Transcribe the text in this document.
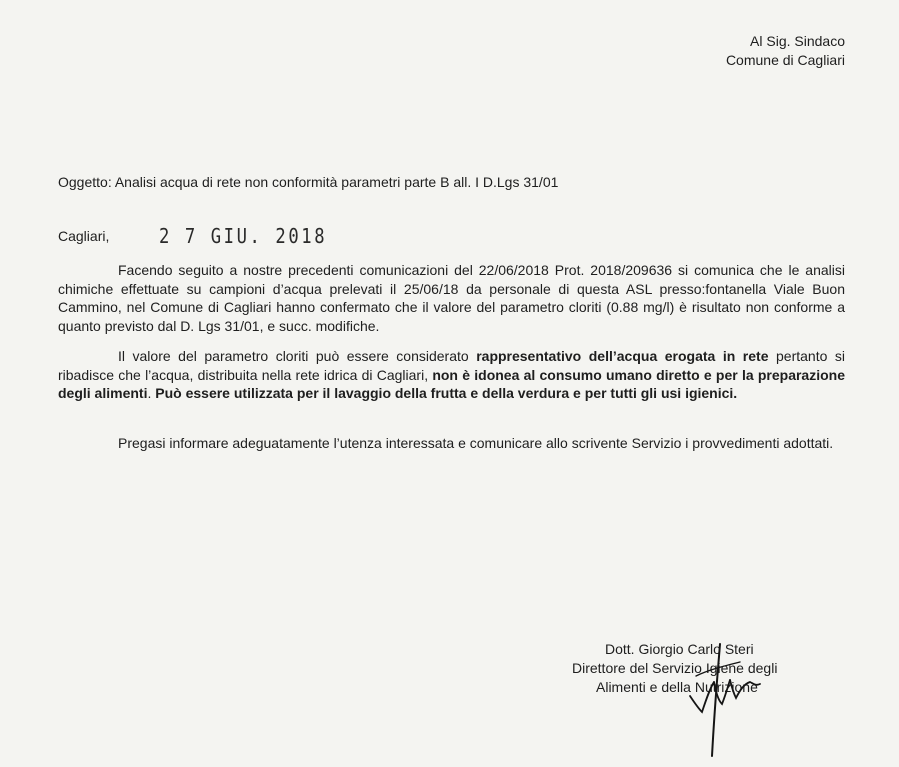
Al Sig. Sindaco
Comune di Cagliari
Oggetto: Analisi acqua di rete non conformità parametri parte B all. I D.Lgs 31/01
Cagliari, 2 7 GIU. 2018

Facendo seguito a nostre precedenti comunicazioni del 22/06/2018 Prot. 2018/209636 si comunica che le analisi chimiche effettuate su campioni d’acqua prelevati il 25/06/18 da personale di questa ASL presso:fontanella Viale Buon Cammino, nel Comune di Cagliari hanno confermato che il valore del parametro cloriti (0.88 mg/l) è risultato non conforme a quanto previsto dal D. Lgs 31/01, e succ. modifiche.

Il valore del parametro cloriti può essere considerato rappresentativo dell’acqua erogata in rete pertanto si ribadisce che l’acqua, distribuita nella rete idrica di Cagliari, non è idonea al consumo umano diretto e per la preparazione degli alimenti. Può essere utilizzata per il lavaggio della frutta e della verdura e per tutti gli usi igienici.

Pregasi informare adeguatamente l’utenza interessata e comunicare allo scrivente Servizio i provvedimenti adottati.

Dott. Giorgio Carlo Steri
Direttore del Servizio Igiene degli
Alimenti e della Nutrizione
